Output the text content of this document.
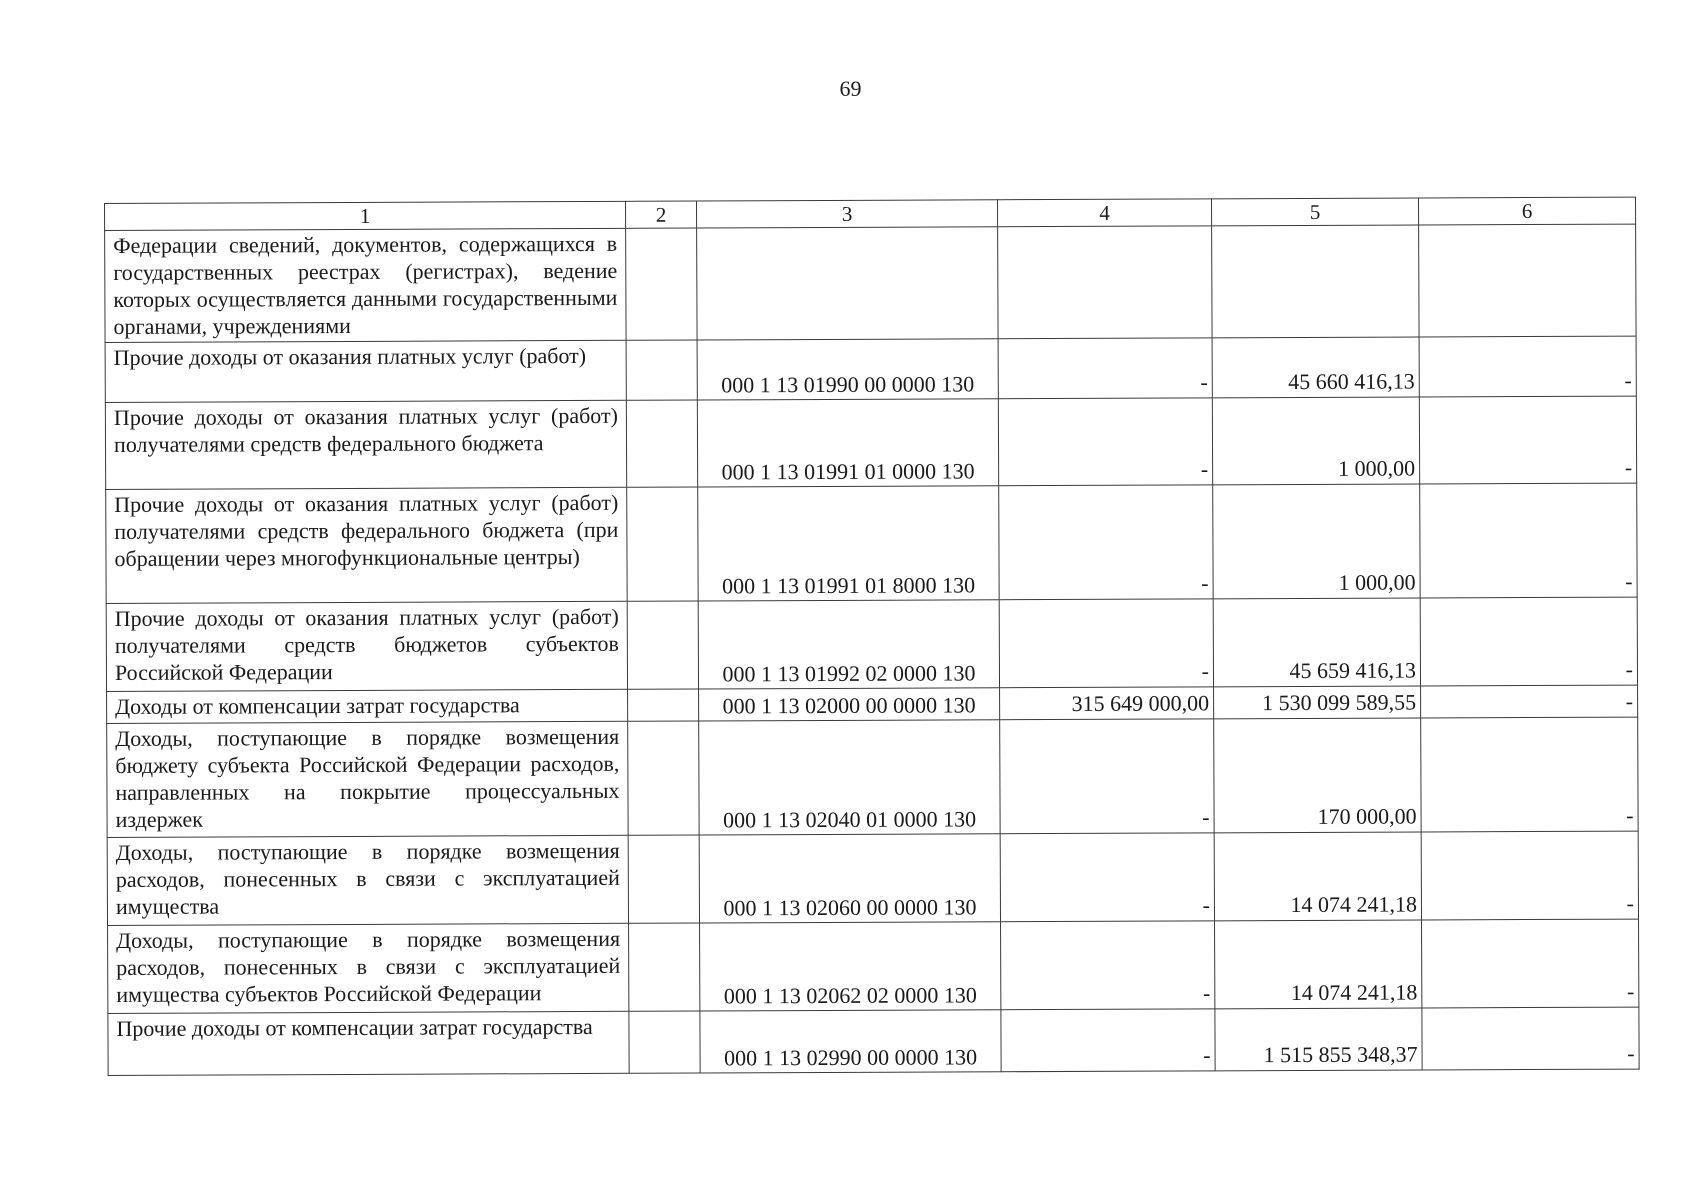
69
1	2	3	4	5	6
Федерации сведений, документов, содержащихся в государственных реестрах (регистрах), ведение которых осуществляется данными государственными органами, учреждениями					
Прочие доходы от оказания платных услуг (работ)		000 1 13 01990 00 0000 130	-	45 660 416,13	-
Прочие доходы от оказания платных услуг (работ) получателями средств федерального бюджета		000 1 13 01991 01 0000 130	-	1 000,00	-
Прочие доходы от оказания платных услуг (работ) получателями средств федерального бюджета (при обращении через многофункциональные центры)		000 1 13 01991 01 8000 130	-	1 000,00	-
Прочие доходы от оказания платных услуг (работ) получателями средств бюджетов субъектов Российской Федерации		000 1 13 01992 02 0000 130	-	45 659 416,13	-
Доходы от компенсации затрат государства		000 1 13 02000 00 0000 130	315 649 000,00	1 530 099 589,55	-
Доходы, поступающие в порядке возмещения бюджету субъекта Российской Федерации расходов, направленных на покрытие процессуальных издержек		000 1 13 02040 01 0000 130	-	170 000,00	-
Доходы, поступающие в порядке возмещения расходов, понесенных в связи с эксплуатацией имущества		000 1 13 02060 00 0000 130	-	14 074 241,18	-
Доходы, поступающие в порядке возмещения расходов, понесенных в связи с эксплуатацией имущества субъектов Российской Федерации		000 1 13 02062 02 0000 130	-	14 074 241,18	-
Прочие доходы от компенсации затрат государства		000 1 13 02990 00 0000 130	-	1 515 855 348,37	-
